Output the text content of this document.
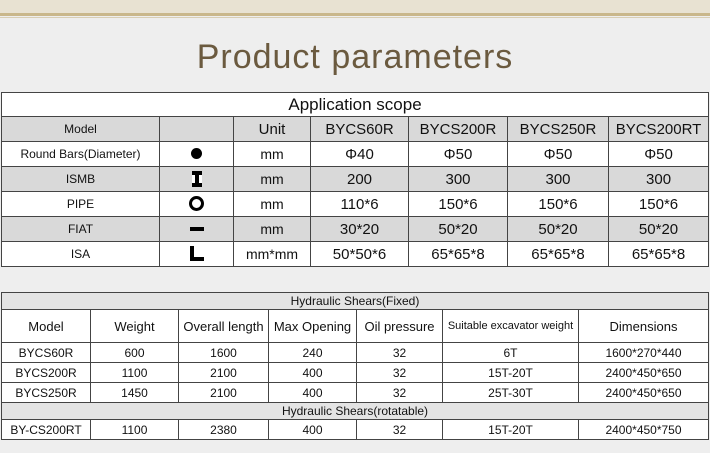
Product parameters
Application scope						
Model		Unit	BYCS60R	BYCS200R	BYCS250R	BYCS200RT
Round Bars(Diameter)		mm	Φ40	Φ50	Φ50	Φ50
ISMB		mm	200	300	300	300
PIPE		mm	110*6	150*6	150*6	150*6
FIAT		mm	30*20	50*20	50*20	50*20
ISA		mm*mm	50*50*6	65*65*8	65*65*8	65*65*8
Hydraulic Shears(Fixed)						
Model	Weight	Overall length	Max Opening	Oil pressure	Suitable excavator weight	Dimensions
BYCS60R	600	1600	240	32	6T	1600*270*440
BYCS200R	1100	2100	400	32	15T-20T	2400*450*650
BYCS250R	1450	2100	400	32	25T-30T	2400*450*650
Hydraulic Shears(rotatable)						
BY-CS200RT	1100	2380	400	32	15T-20T	2400*450*750
